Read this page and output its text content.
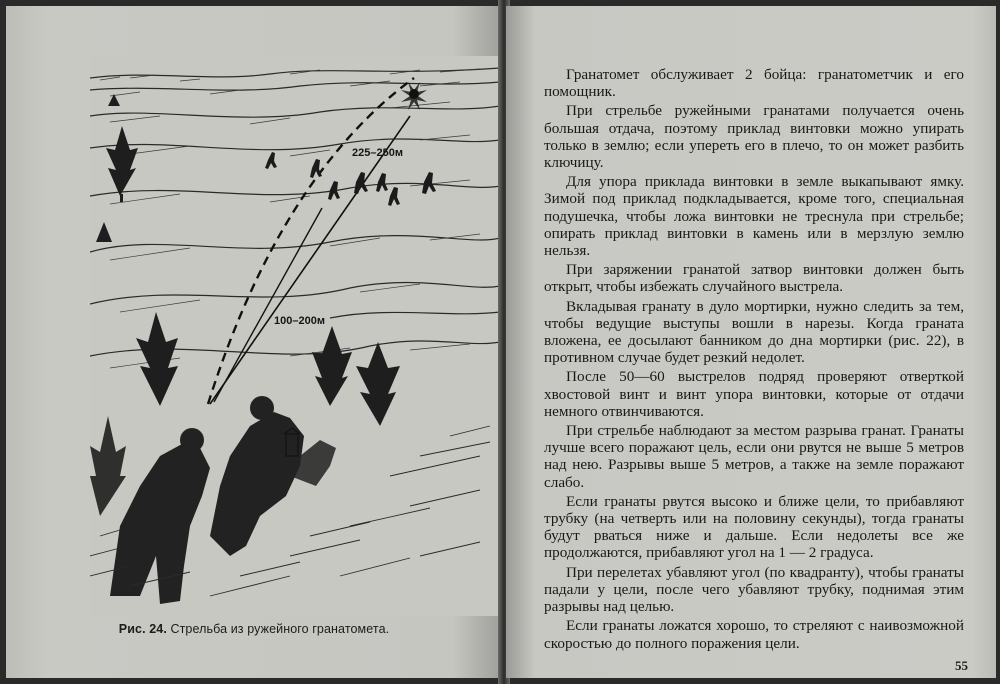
225–250м
100–200м
Рис. 24. Стрельба из ружейного гранатомета.

Гранатомет обслуживает 2 бойца: гранатометчик и его помощник.

При стрельбе ружейными гранатами получается очень большая отдача, поэтому приклад винтовки можно упирать только в землю; если упереть его в плечо, то он может разбить ключицу.

Для упора приклада винтовки в земле выкапывают ямку. Зимой под приклад подкладывается, кроме того, специальная подушечка, чтобы ложа винтовки не треснула при стрельбе; опирать приклад винтовки в камень или в мерзлую землю нельзя.

При заряжении гранатой затвор винтовки должен быть открыт, чтобы избежать случайного выстрела.

Вкладывая гранату в дуло мортирки, нужно следить за тем, чтобы ведущие выступы вошли в нарезы. Когда граната вложена, ее досылают банником до дна мортирки (рис. 22), в противном случае будет резкий недолет.

После 50—60 выстрелов подряд проверяют отверткой хвостовой винт и винт упора винтовки, которые от отдачи немного отвинчиваются.

При стрельбе наблюдают за местом разрыва гранат. Гранаты лучше всего поражают цель, если они рвутся не выше 5 метров над нею. Разрывы выше 5 метров, а также на земле поражают слабо.

Если гранаты рвутся высоко и ближе цели, то прибавляют трубку (на четверть или на половину секунды), тогда гранаты будут рваться ниже и дальше. Если недолеты все же продолжаются, прибавляют угол на 1 — 2 градуса.

При перелетах убавляют угол (по квадранту), чтобы гранаты падали у цели, после чего убавляют трубку, поднимая этим разрывы над целью.

Если гранаты ложатся хорошо, то стреляют с наивозможной скоростью до полного поражения цели.

55
